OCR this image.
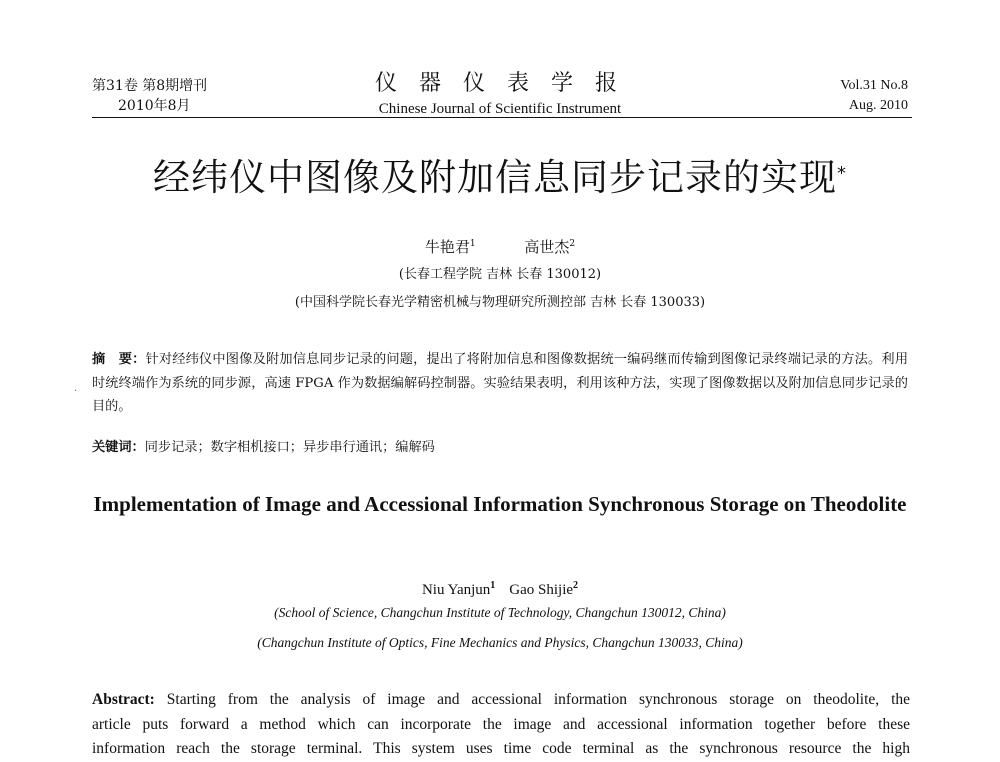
第31卷 第8期增刊
2010年8月
仪器仪表学报
Chinese Journal of Scientific Instrument
Vol.31 No.8
Aug. 2010
经纬仪中图像及附加信息同步记录的实现*
牛艳君$^1$	高世杰$^2$
(长春工程学院 吉林 长春 130012)
(中国科学院长春光学精密机械与物理研究所测控部 吉林 长春 130033)
·
摘　要：针对经纬仪中图像及附加信息同步记录的问题，提出了将附加信息和图像数据统一编码继而传输到图像记录终端记录的方法。利用时统终端作为系统的同步源，高速 FPGA 作为数据编解码控制器。实验结果表明，利用该种方法，实现了图像数据以及附加信息同步记录的目的。
关键词：同步记录；数字相机接口；异步串行通讯；编解码
Implementation of Image and Accessional Information Synchronous Storage on Theodolite
Niu Yanjun$^1$ Gao Shijie$^2$
(School of Science, Changchun Institute of Technology, Changchun 130012, China)
(Changchun Institute of Optics, Fine Mechanics and Physics, Changchun 130033, China)
Abstract: Starting from the analysis of image and accessional information synchronous storage on theodolite, the
article puts forward a method which can incorporate the image and accessional information together before these
information reach the storage terminal. This system uses time code terminal as the synchronous resource the high
